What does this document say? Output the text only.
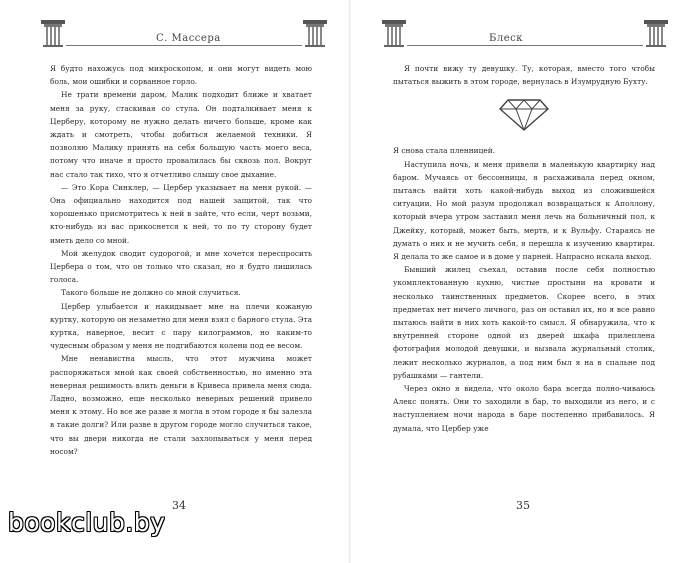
С. Массера

Я будто нахожусь под микроскопом, и они могут видеть мою боль, мои ошибки и сорванное горло.

Не трати времени даром, Малик подходит ближе и хватает меня за руку, стаскивая со стула. Он подталкивает меня к Церберу, которому не нужно делать ничего больше, кроме как ждать и смотреть, чтобы добиться желаемой техники. Я позволяю Малику принять на себя большую часть моего веса, потому что иначе я просто провалилась бы сквозь пол. Вокруг нас стало так тихо, что я отчетливо слышу свое дыхание.

— Это Кора Синклер, — Цербер указывает на меня рукой. — Она официально находится под нашей защитой, так что хорошенько присмотритесь к ней в зайте, что если, черт возьми, кто-нибудь из вас прикоснется к ней, то по ту сторону будет иметь дело со мной.

Мой желудок сводит судорогой, и мне хочется переспросить Цербера о том, что он только что сказал, но я будто лишилась голоса.

Такого больше не должно со мной случиться.

Цербер улыбается и накидывает мне на плечи кожаную куртку, которую он незаметно для меня взял с барного стула. Эта куртка, наверное, весит с пару килограммов, но каким-то чудесным образом у меня не подгибаются колени под ее весом.

Мне ненавистна мысль, что этот мужчина может распоряжаться мной как своей собственностью, но именно эта неверная решимость влить деньги в Кривеса привела меня сюда. Ладно, возможно, еще несколько неверных решений привело меня к этому. Но все же разве я могла в этом городе я бы залезла в такие долги? Или разве в другом городе могло случиться такое, что вы двери никогда не стали захлопываться у меня перед носом?

34
Блеск

Я почти вижу ту девушку. Ту, которая, вместо того чтобы пытаться выжить в этом городе, вернулась в Изумрудную Бухту.

Я снова стала пленницей.

Наступила ночь, и меня привели в маленькую квартирку над баром. Мучаясь от бессонницы, я расхаживала перед окном, пытаясь найти хоть какой-нибудь выход из сложившейся ситуации. Но мой разум продолжал возвращаться к Аполлону, который вчера утром заставил меня лечь на больничный пол, к Джейку, который, может быть, мертв, и к Вульфу. Стараясь не думать о них и не мучить себя, я перешла к изучению квартиры. Я делала то же самое и в доме у парней. Напрасно искала выход.

Бывший жилец съехал, оставив после себя полностью укомплектованную кухню, чистые простыни на кровати и несколько таинственных предметов. Скорее всего, в этих предметах нет ничего личного, раз он оставил их, но я все равно пытаюсь найти в них хоть какой-то смысл. Я обнаружила, что к внутренней стороне одной из дверей шкафа прилеплена фотография молодой девушки, и вызвала журнальный столик, лежит несколько журналов, а под ним был я на в спальне под рубашками — гантели.

Через окно я видела, что около бара всегда полно-чиваюсь Алекс понять. Они то заходили в бар, то выходили из него, и с наступлением ночи народа в баре постепенно прибавилось. Я думала, что Цербер уже

35
bookclub.by
